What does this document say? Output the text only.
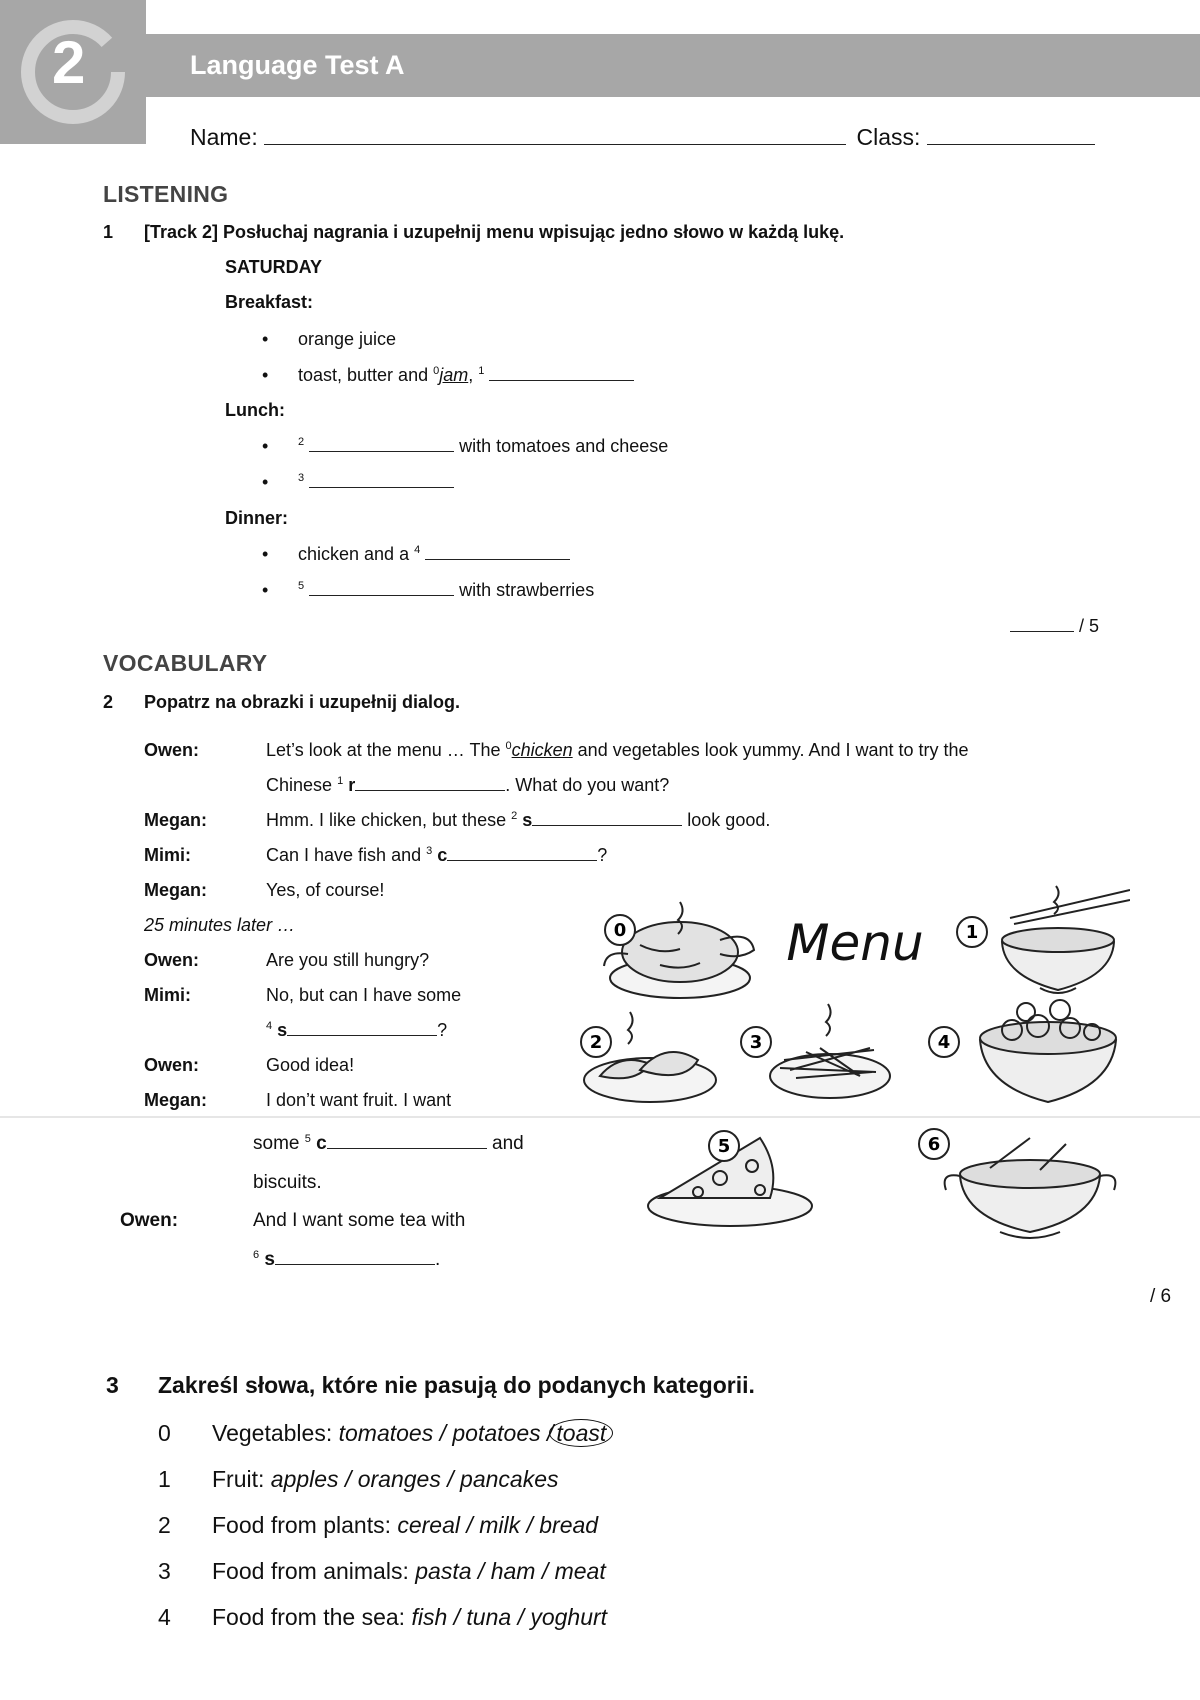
2	Language Test A
Name:	Class:
LISTENING
1 [Track 2] Posłuchaj nagrania i uzupełnij menu wpisując jedno słowo w każdą lukę.
SATURDAY
Breakfast:
• orange juice
• toast, butter and $^0$jam, $^1$
Lunch:
• $^2$	with tomatoes and cheese
• $^3$
Dinner:
• chicken and a $^4$
• $^5$	with strawberries
/ 5
VOCABULARY
2 Popatrz na obrazki i uzupełnij dialog.
Owen:	Let’s look at the menu … The $^0$chicken and vegetables look yummy. And I want to try the
Chinese $^1$ r	. What do you want?
Megan:	Hmm. I like chicken, but these $^2$ s	look good.
Mimi:	Can I have fish and $^3$ c	?
Megan:	Yes, of course!
25 minutes later …
Owen:	Are you still hungry?
Mimi:	No, but can I have some
$^4$ s	?
Owen:	Good idea!
Megan:	I don’t want fruit. I want
some $^5$ c	and
biscuits.
Owen:	And I want some tea with
$^6$ s	.
0	1
2	3	4
5	6
Menu
/ 6
3 Zakreśl słowa, które nie pasują do podanych kategorii.
0 Vegetables: tomatoes / potatoes / toast
1 Fruit: apples / oranges / pancakes
2 Food from plants: cereal / milk / bread
3 Food from animals: pasta / ham / meat
4 Food from the sea: fish / tuna / yoghurt
